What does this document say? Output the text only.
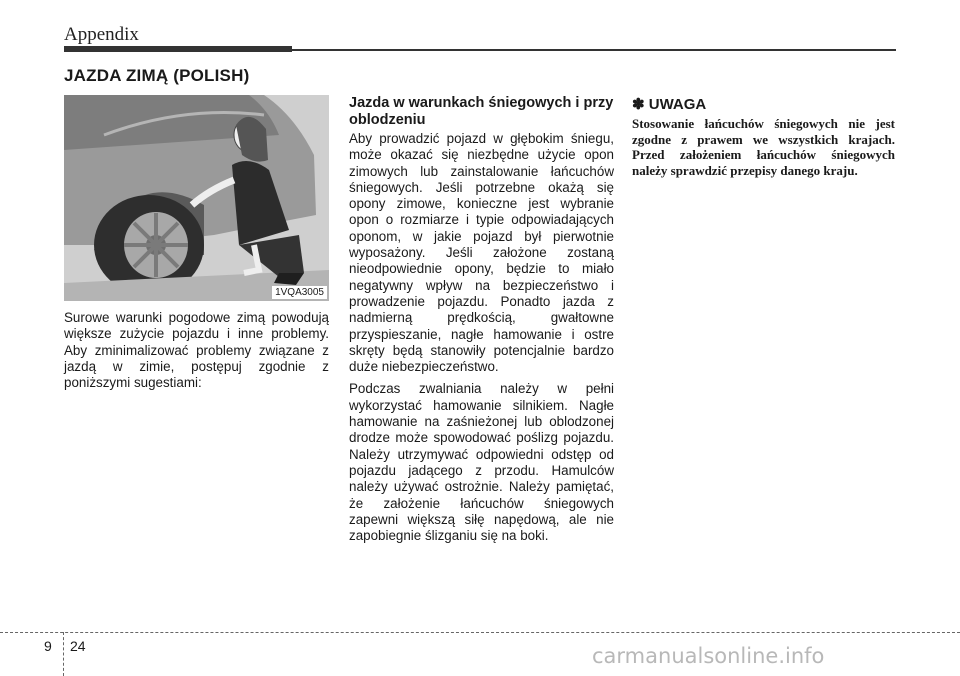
Appendix
JAZDA ZIMĄ (POLISH)
1VQA3005

Surowe warunki pogodowe zimą powodują większe zużycie pojazdu i inne problemy. Aby zminimalizować problemy związane z jazdą w zimie, postępuj zgodnie z poniższymi sugestiami:

Jazda w warunkach śniegowych i przy oblodzeniu

Aby prowadzić pojazd w głębokim śniegu, może okazać się niezbędne użycie opon zimowych lub zainstalowanie łańcuchów śniegowych. Jeśli potrzebne okażą się opony zimowe, konieczne jest wybranie opon o rozmiarze i typie odpowiadających oponom, w jakie pojazd był pierwotnie wyposażony. Jeśli założone zostaną nieodpowiednie opony, będzie to miało negatywny wpływ na bezpieczeństwo i prowadzenie pojazdu. Ponadto jazda z nadmierną prędkością, gwałtowne przyspieszanie, nagłe hamowanie i ostre skręty będą stanowiły potencjalnie bardzo duże niebezpieczeństwo.

Podczas zwalniania należy w pełni wykorzystać hamowanie silnikiem. Nagłe hamowanie na zaśnieżonej lub oblodzonej drodze może spowodować poślizg pojazdu. Należy utrzymywać odpowiedni odstęp od pojazdu jadącego z przodu. Hamulców należy używać ostrożnie. Należy pamiętać, że założenie łańcuchów śniegowych zapewni większą siłę napędową, ale nie zapobiegnie ślizganiu się na boki.

✽ UWAGA
Stosowanie łańcuchów śniegowych nie jest zgodne z prawem we wszystkich krajach. Przed założeniem łańcuchów śniegowych należy sprawdzić przepisy danego kraju.
9 24	carmanualsonline.info
